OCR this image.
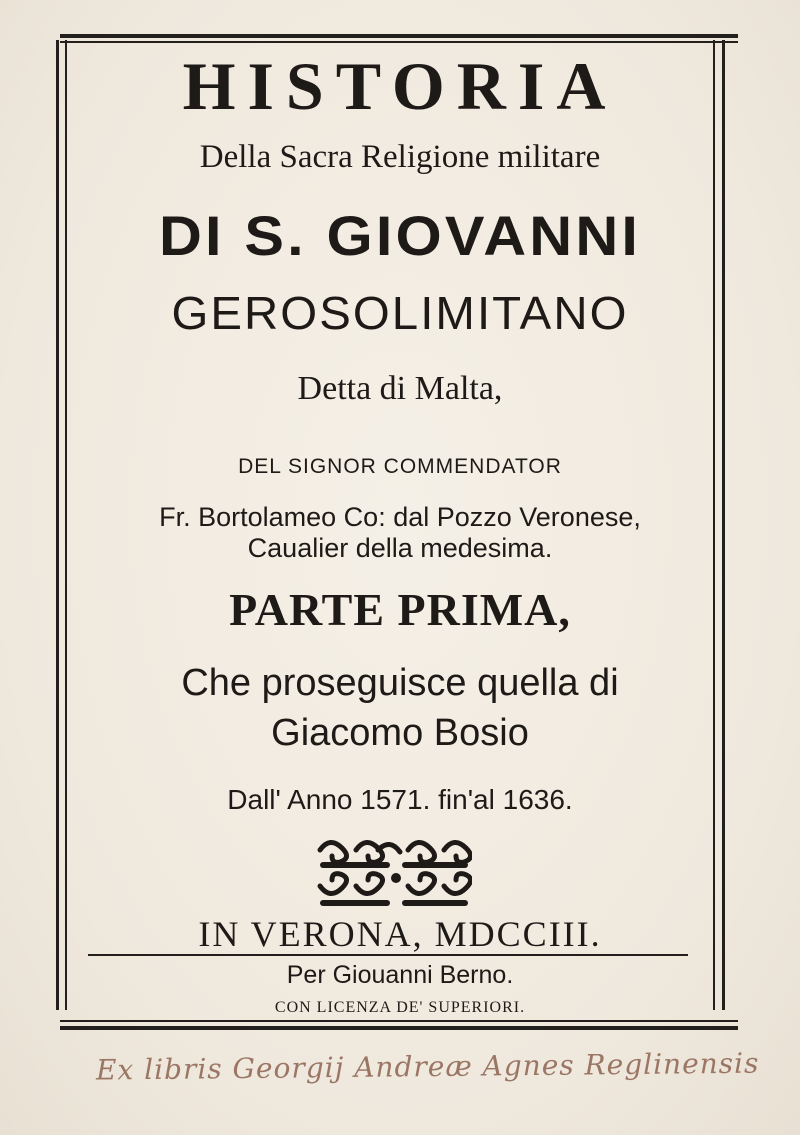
HISTORIA
Della Sacra Religione militare
DI S. GIOVANNI
GEROSOLIMITANO
Detta di Malta,
DEL SIGNOR COMMENDATOR
Fr. Bortolameo Co: dal Pozzo Veronese,
Caualier della medesima.
PARTE PRIMA,
Che proseguisce quella di
Giacomo Bosio
Dall' Anno 1571. fin'al 1636.
IN VERONA, MDCCIII.
Per Giouanni Berno.
CON LICENZA DE' SUPERIORI.
Ex libris Georgij Andreæ Agnes Reglinensis
